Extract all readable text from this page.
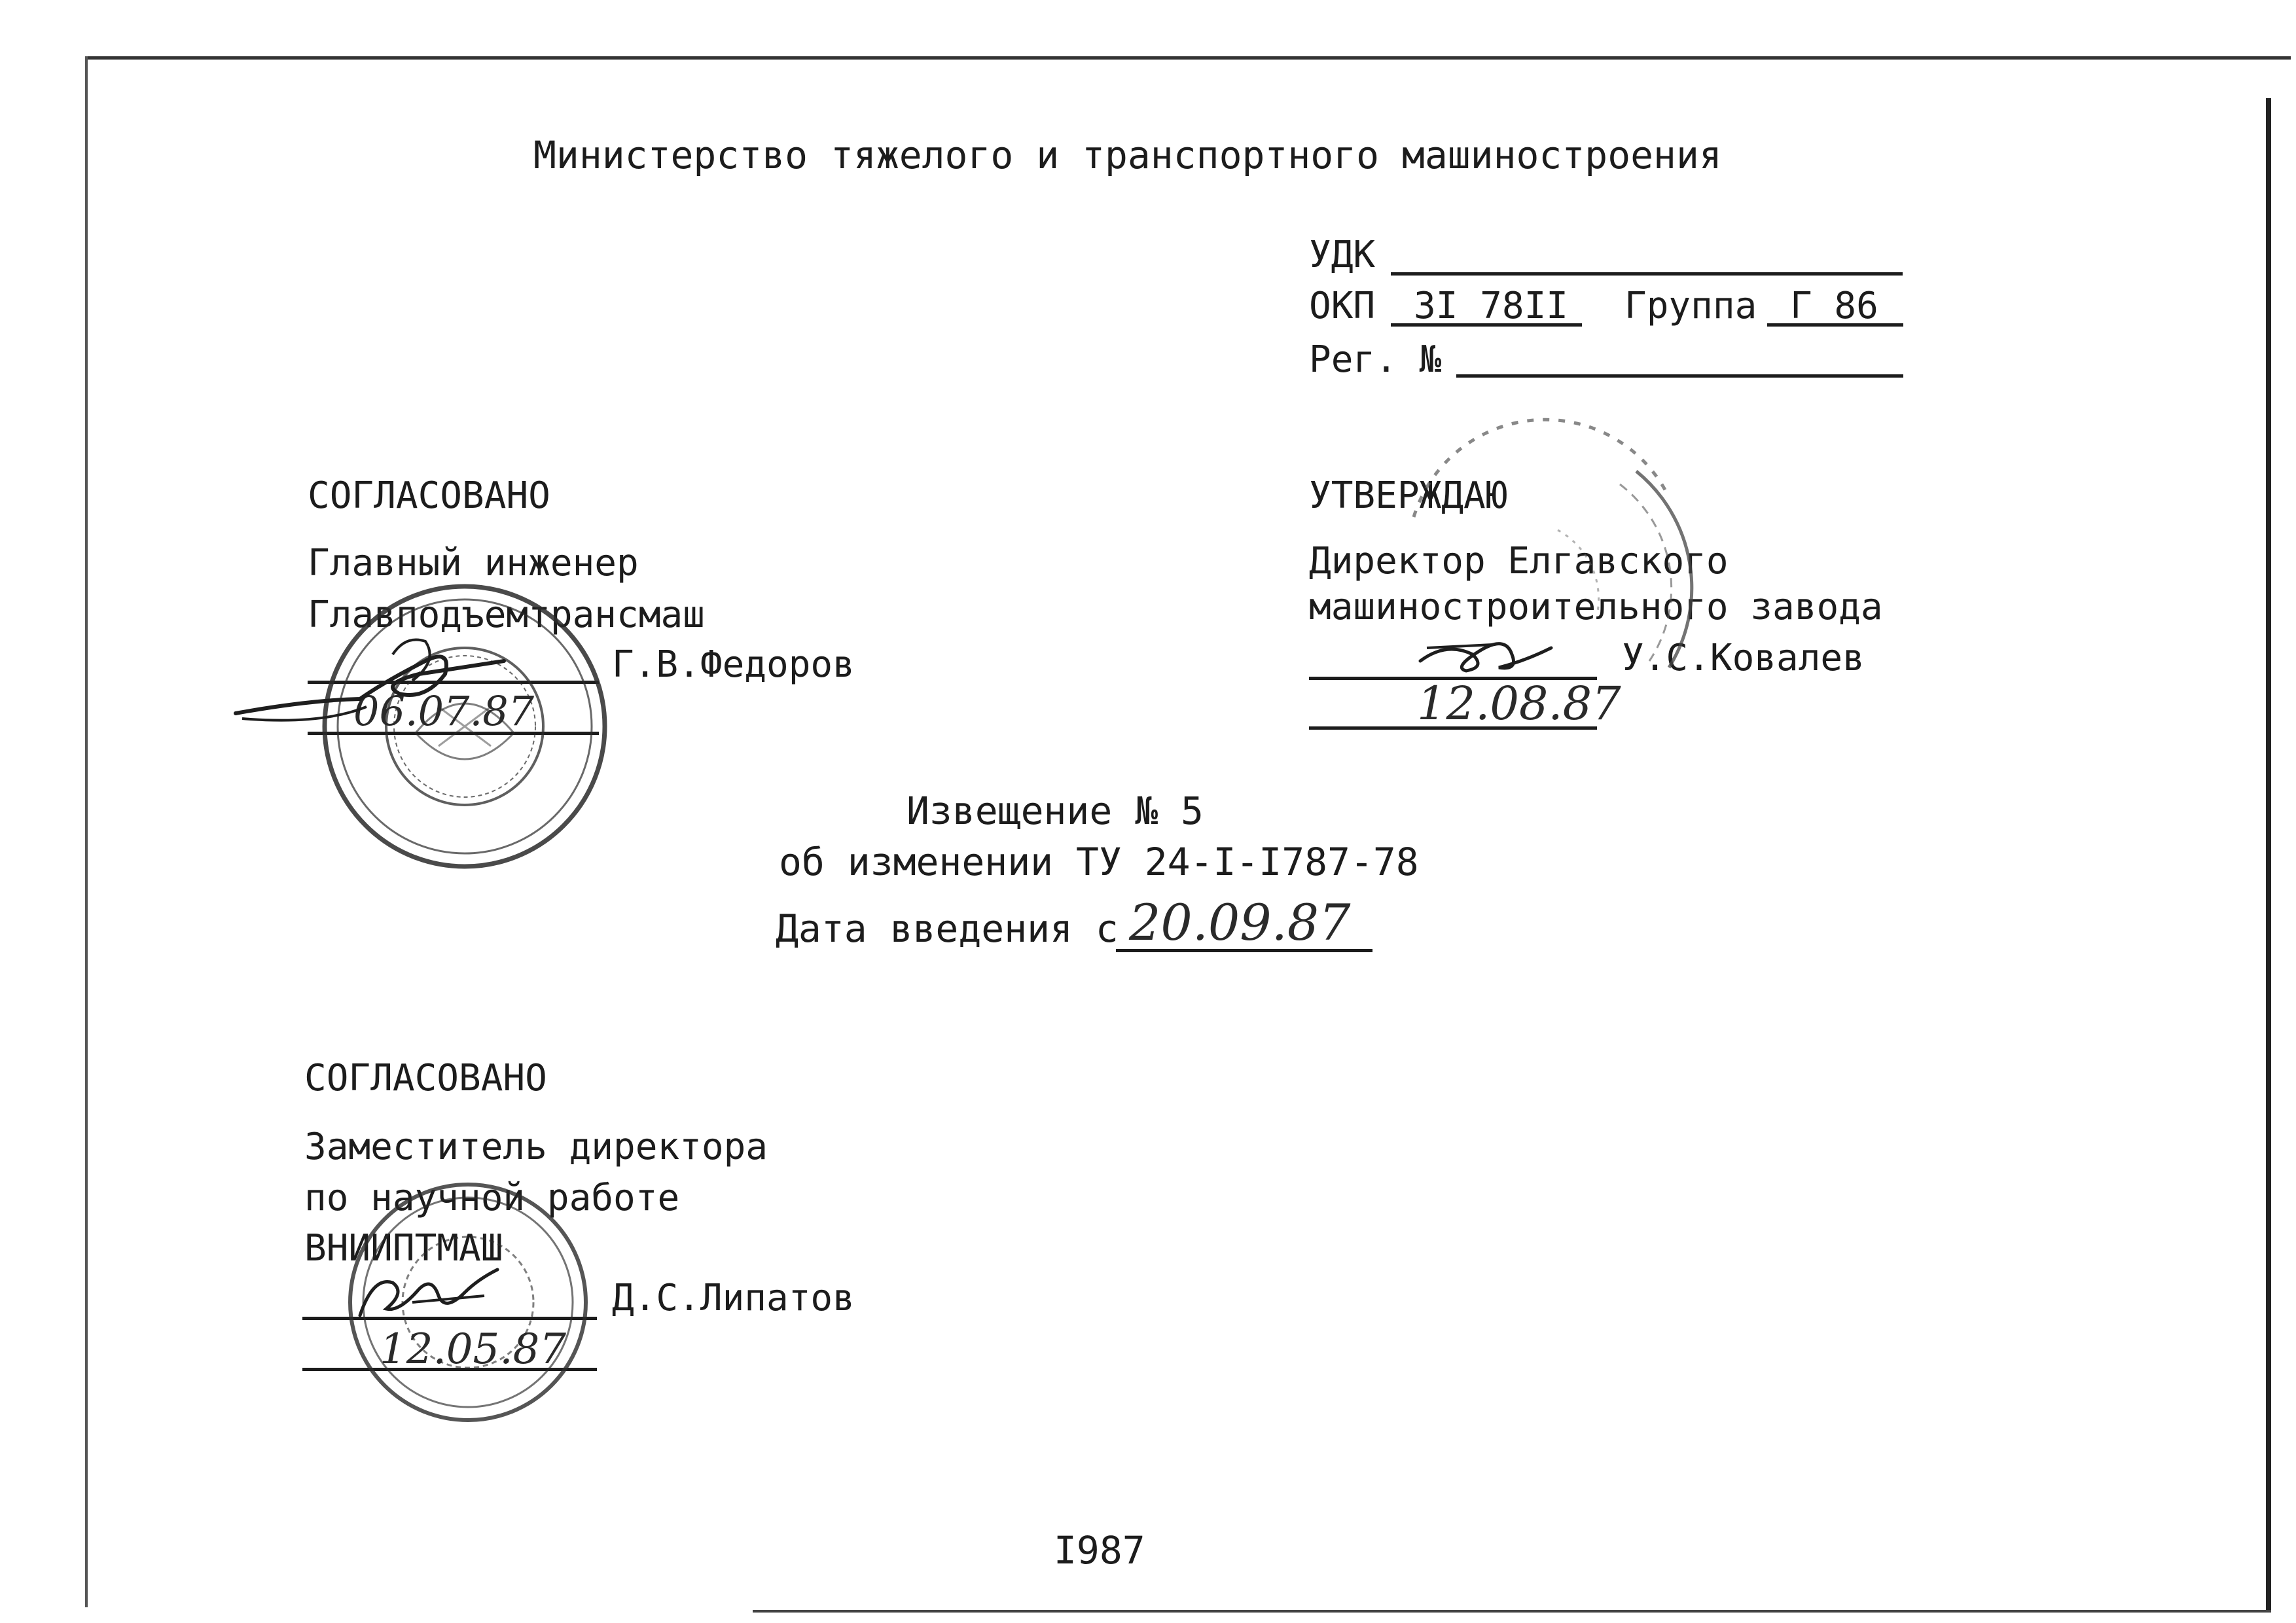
Министерство тяжелого и транспортного машиностроения
УДК
ОКП 3I 78II Группа Г 86
Рег. №
СОГЛАСОВАНО
Главный инженер
Главподъемтрансмаш
Г.В.Федоров
06.07.87
УТВЕРЖДАЮ
Директор Елгавского
машиностроительного завода
У.С.Ковалев
12.08.87
Извещение № 5
об изменении ТУ 24-I-I787-78
Дата введения с 20.09.87
СОГЛАСОВАНО
Заместитель директора
по научной работе
ВНИИПТМАШ
Д.С.Липатов
12.05.87
I987
